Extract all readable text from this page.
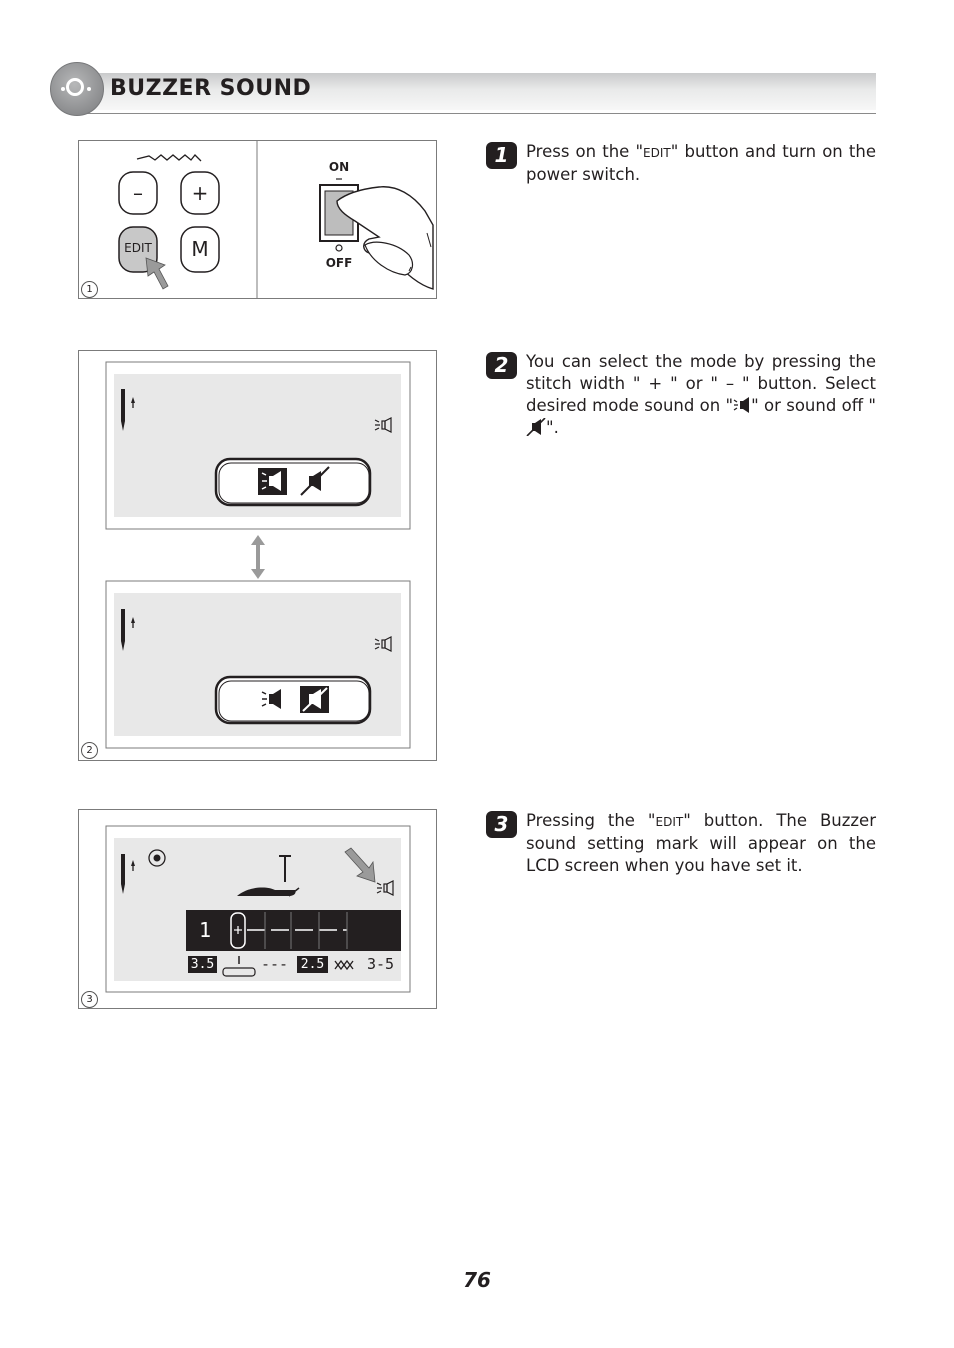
BUZZER SOUND
–	+
EDIT	M
ON
OFF
1
2
1
3.5	--- 2.5	3-5
3
1	Press on the "EDIT" button and turn on the power switch.
2	You can select the mode by pressing the stitch width " + " or " – " button. Select desired mode sound on " " or sound off "".
3	Pressing the "EDIT" button. The Buzzer sound setting mark will appear on the LCD screen when you have set it.
76
